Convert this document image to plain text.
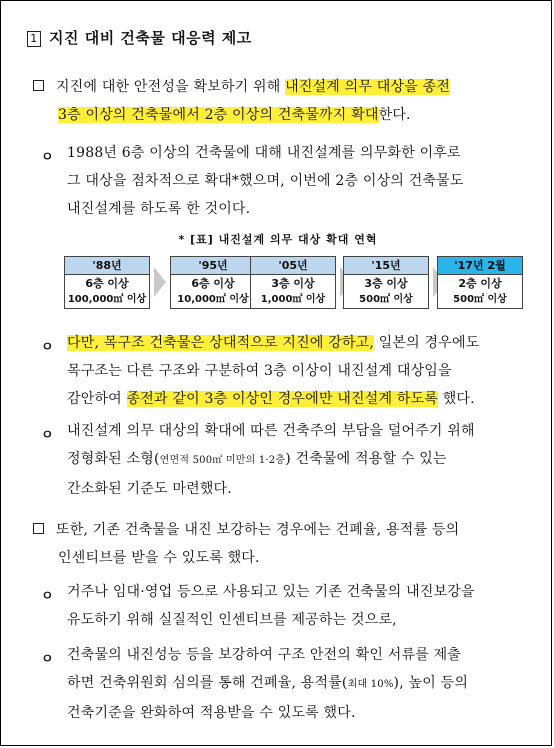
1 지진 대비 건축물 대응력 제고
지진에 대한 안전성을 확보하기 위해 내진설계 의무 대상을 종전
3층 이상의 건축물에서 2층 이상의 건축물까지 확대한다.
ㅇ 1988년 6층 이상의 건축물에 대해 내진설계를 의무화한 이후로
그 대상을 점차적으로 확대*했으며, 이번에 2층 이상의 건축물도
내진설계를 하도록 한 것이다.
* [표] 내진설계 의무 대상 확대 연혁
'88년
6층 이상
100,000㎡ 이상
'95년
6층 이상
10,000㎡ 이상
'05년
3층 이상
1,000㎡ 이상
'15년
3층 이상
500㎡ 이상
'17년 2월
2층 이상
500㎡ 이상
ㅇ 다만, 목구조 건축물은 상대적으로 지진에 강하고, 일본의 경우에도
목구조는 다른 구조와 구분하여 3층 이상이 내진설계 대상임을
감안하여 종전과 같이 3층 이상인 경우에만 내진설계 하도록 했다.
ㅇ 내진설계 의무 대상의 확대에 따른 건축주의 부담을 덜어주기 위해
정형화된 소형(연면적 500㎡ 미만의 1·2층) 건축물에 적용할 수 있는
간소화된 기준도 마련했다.
또한, 기존 건축물을 내진 보강하는 경우에는 건폐율, 용적률 등의
인센티브를 받을 수 있도록 했다.
ㅇ 거주나 임대·영업 등으로 사용되고 있는 기존 건축물의 내진보강을
유도하기 위해 실질적인 인센티브를 제공하는 것으로,
ㅇ 건축물의 내진성능 등을 보강하여 구조 안전의 확인 서류를 제출
하면 건축위원회 심의를 통해 건폐율, 용적률(최대 10%), 높이 등의
건축기준을 완화하여 적용받을 수 있도록 했다.
